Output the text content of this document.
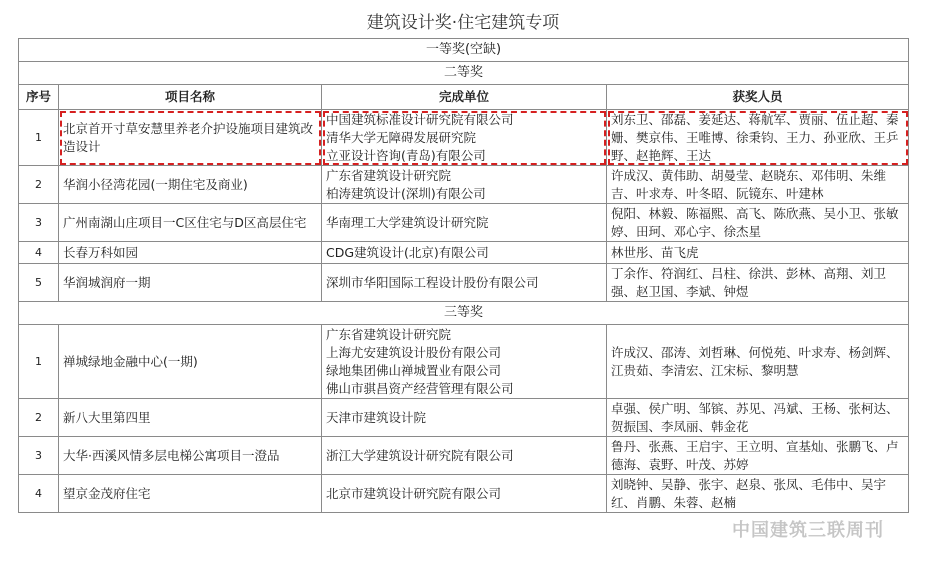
建筑设计奖·住宅建筑专项
一等奖(空缺)			
二等奖			
序号	项目名称	完成单位	获奖人员
1	北京首开寸草安慧里养老介护设施项目建筑改造设计	中国建筑标准设计研究院有限公司
清华大学无障碍发展研究院
立亚设计咨询(青岛)有限公司	刘东卫、邵磊、姜延达、蒋航军、贾丽、伍止超、秦姗、樊京伟、王唯博、徐秉钧、王力、孙亚欣、王乒野、赵艳辉、王达
2	华润小径湾花园(一期住宅及商业)	广东省建筑设计研究院
柏涛建筑设计(深圳)有限公司	许成汉、黄伟助、胡曼莹、赵晓东、邓伟明、朱维吉、叶求寿、叶冬昭、阮镜东、叶建林
3	广州南湖山庄项目一C区住宅与D区高层住宅	华南理工大学建筑设计研究院	倪阳、林毅、陈福熙、高飞、陈欣燕、吴小卫、张敏婷、田珂、邓心宇、徐杰星
4	长春万科如园	CDG建筑设计(北京)有限公司	林世彤、苗飞虎
5	华润城润府一期	深圳市华阳国际工程设计股份有限公司	丁余作、符润红、吕柱、徐洪、彭林、高翔、刘卫强、赵卫国、李斌、钟煜
三等奖			
1	禅城绿地金融中心(一期)	广东省建筑设计研究院
上海尤安建筑设计股份有限公司
绿地集团佛山禅城置业有限公司
佛山市骐昌资产经营管理有限公司	许成汉、邵涛、刘哲琳、何悦苑、叶求寿、杨剑辉、江贵茹、李清宏、江宋标、黎明慧
2	新八大里第四里	天津市建筑设计院	卓强、侯广明、邹镔、苏见、冯斌、王杨、张柯达、贺振国、李凤丽、韩金花
3	大华·西溪风情多层电梯公寓项目一澄品	浙江大学建筑设计研究院有限公司	鲁丹、张燕、王启宇、王立明、宣基灿、张鹏飞、卢德海、袁野、叶茂、苏婷
4	望京金茂府住宅	北京市建筑设计研究院有限公司	刘晓钟、吴静、张宇、赵泉、张凤、毛伟中、吴宇红、肖鹏、朱蓉、赵楠
中国建筑三联周刊
